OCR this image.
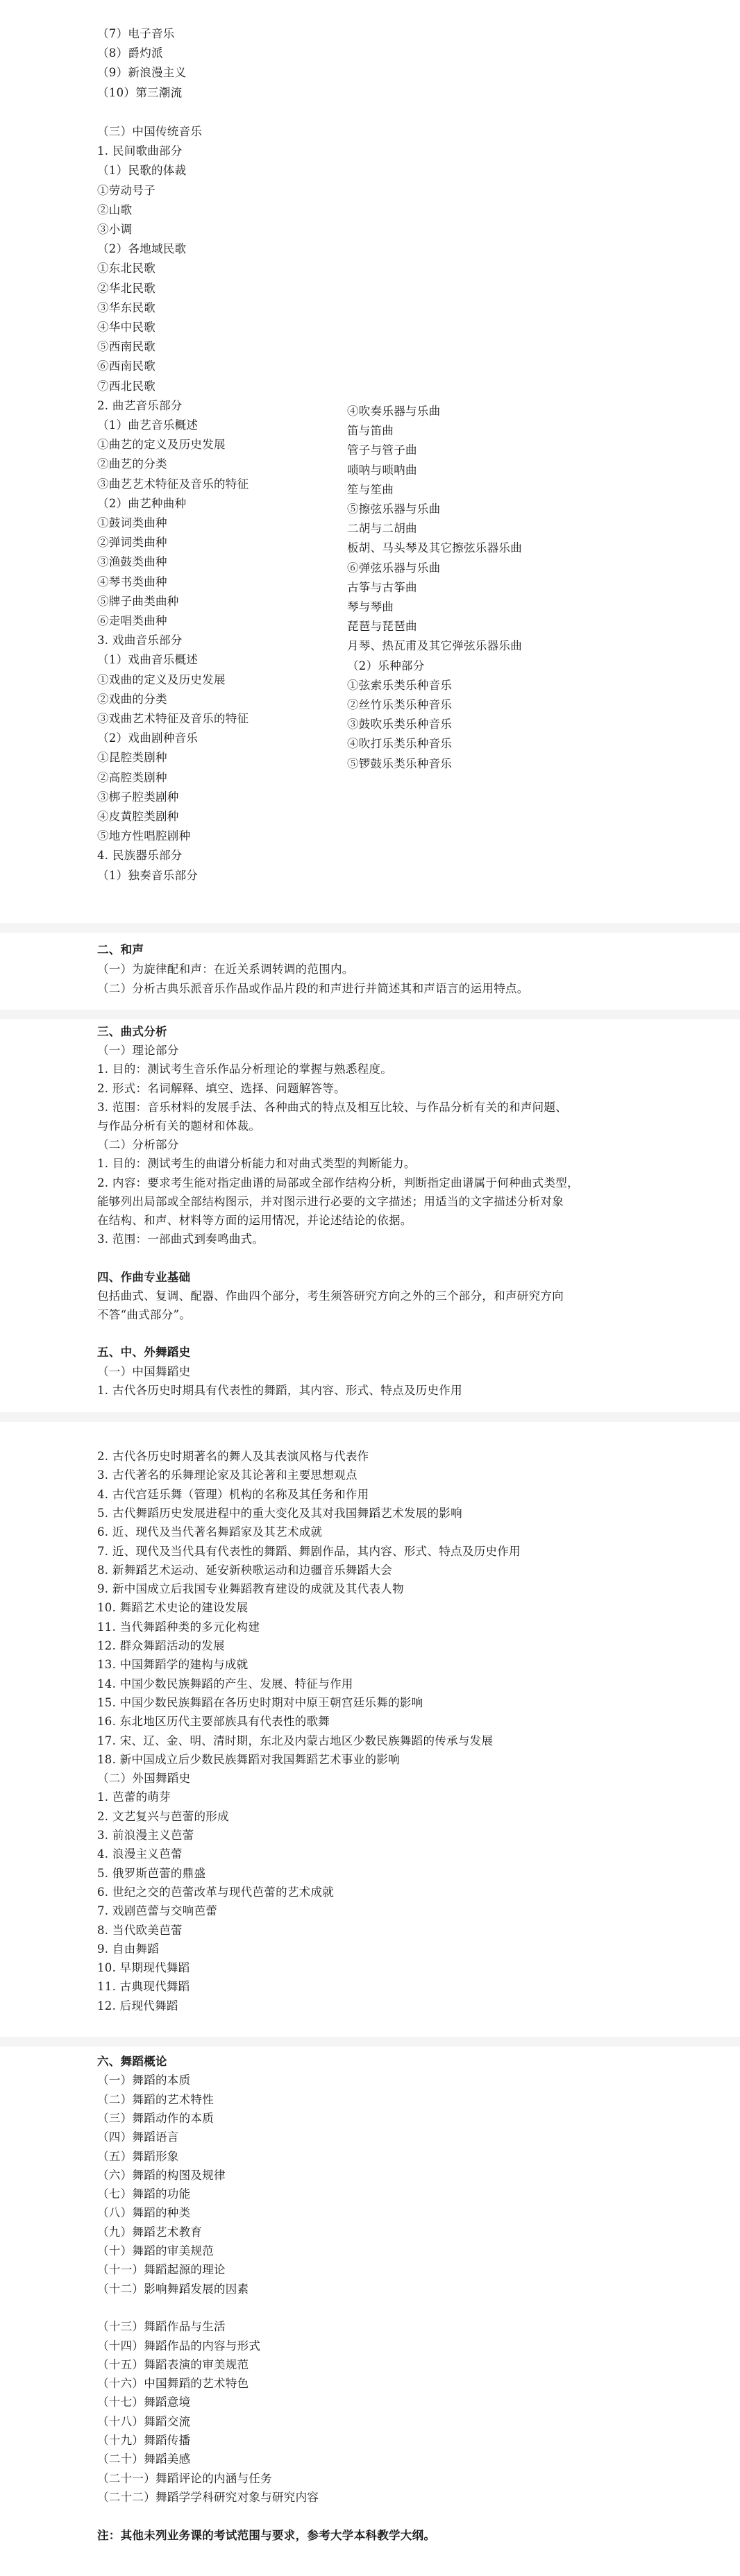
（7）电子音乐
（8）爵灼派
（9）新浪漫主义
（10）第三潮流
（三）中国传统音乐
1. 民间歌曲部分
（1）民歌的体裁
①劳动号子
②山歌
③小调
（2）各地域民歌
①东北民歌
②华北民歌
③华东民歌
④华中民歌
⑤西南民歌
⑥西南民歌
⑦西北民歌
2. 曲艺音乐部分
（1）曲艺音乐概述
①曲艺的定义及历史发展
②曲艺的分类
③曲艺艺术特征及音乐的特征
（2）曲艺种曲种
①鼓词类曲种
②弹词类曲种
③渔鼓类曲种
④琴书类曲种
⑤牌子曲类曲种
⑥走唱类曲种
3. 戏曲音乐部分
（1）戏曲音乐概述
①戏曲的定义及历史发展
②戏曲的分类
③戏曲艺术特征及音乐的特征
（2）戏曲剧种音乐
①昆腔类剧种
②高腔类剧种
③梆子腔类剧种
④皮黄腔类剧种
⑤地方性唱腔剧种
4. 民族器乐部分
（1）独奏音乐部分
④吹奏乐器与乐曲
笛与笛曲
管子与管子曲
唢呐与唢呐曲
笙与笙曲
⑤擦弦乐器与乐曲
二胡与二胡曲
板胡、马头琴及其它擦弦乐器乐曲
⑥弹弦乐器与乐曲
古筝与古筝曲
琴与琴曲
琵琶与琵琶曲
月琴、热瓦甫及其它弹弦乐器乐曲
（2）乐种部分
①弦索乐类乐种音乐
②丝竹乐类乐种音乐
③鼓吹乐类乐种音乐
④吹打乐类乐种音乐
⑤锣鼓乐类乐种音乐
二、和声
（一）为旋律配和声：在近关系调转调的范围内。
（二）分析古典乐派音乐作品或作品片段的和声进行并简述其和声语言的运用特点。
三、曲式分析
（一）理论部分
1. 目的：测试考生音乐作品分析理论的掌握与熟悉程度。
2. 形式：名词解释、填空、选择、问题解答等。
3. 范围：音乐材料的发展手法、各种曲式的特点及相互比较、与作品分析有关的和声问题、
与作品分析有关的题材和体裁。
（二）分析部分
1. 目的：测试考生的曲谱分析能力和对曲式类型的判断能力。
2. 内容：要求考生能对指定曲谱的局部或全部作结构分析，判断指定曲谱属于何种曲式类型，
能够列出局部或全部结构图示，并对图示进行必要的文字描述；用适当的文字描述分析对象
在结构、和声、材料等方面的运用情况，并论述结论的依据。
3. 范围：一部曲式到奏鸣曲式。
四、作曲专业基础
包括曲式、复调、配器、作曲四个部分，考生须答研究方向之外的三个部分，和声研究方向
不答“曲式部分”。
五、中、外舞蹈史
（一）中国舞蹈史
1. 古代各历史时期具有代表性的舞蹈，其内容、形式、特点及历史作用
2. 古代各历史时期著名的舞人及其表演风格与代表作
3. 古代著名的乐舞理论家及其论著和主要思想观点
4. 古代宫廷乐舞（管理）机构的名称及其任务和作用
5. 古代舞蹈历史发展进程中的重大变化及其对我国舞蹈艺术发展的影响
6. 近、现代及当代著名舞蹈家及其艺术成就
7. 近、现代及当代具有代表性的舞蹈、舞剧作品，其内容、形式、特点及历史作用
8. 新舞蹈艺术运动、延安新秧歌运动和边疆音乐舞蹈大会
9. 新中国成立后我国专业舞蹈教育建设的成就及其代表人物
10. 舞蹈艺术史论的建设发展
11. 当代舞蹈种类的多元化构建
12. 群众舞蹈活动的发展
13. 中国舞蹈学的建构与成就
14. 中国少数民族舞蹈的产生、发展、特征与作用
15. 中国少数民族舞蹈在各历史时期对中原王朝宫廷乐舞的影响
16. 东北地区历代主要部族具有代表性的歌舞
17. 宋、辽、金、明、清时期，东北及内蒙古地区少数民族舞蹈的传承与发展
18. 新中国成立后少数民族舞蹈对我国舞蹈艺术事业的影响
（二）外国舞蹈史
1. 芭蕾的萌芽
2. 文艺复兴与芭蕾的形成
3. 前浪漫主义芭蕾
4. 浪漫主义芭蕾
5. 俄罗斯芭蕾的鼎盛
6. 世纪之交的芭蕾改革与现代芭蕾的艺术成就
7. 戏剧芭蕾与交响芭蕾
8. 当代欧美芭蕾
9. 自由舞蹈
10. 早期现代舞蹈
11. 古典现代舞蹈
12. 后现代舞蹈
六、舞蹈概论
（一）舞蹈的本质
（二）舞蹈的艺术特性
（三）舞蹈动作的本质
（四）舞蹈语言
（五）舞蹈形象
（六）舞蹈的构图及规律
（七）舞蹈的功能
（八）舞蹈的种类
（九）舞蹈艺术教育
（十）舞蹈的审美规范
（十一）舞蹈起源的理论
（十二）影响舞蹈发展的因素
（十三）舞蹈作品与生活
（十四）舞蹈作品的内容与形式
（十五）舞蹈表演的审美规范
（十六）中国舞蹈的艺术特色
（十七）舞蹈意境
（十八）舞蹈交流
（十九）舞蹈传播
（二十）舞蹈美感
（二十一）舞蹈评论的内涵与任务
（二十二）舞蹈学学科研究对象与研究内容
注：其他未列业务课的考试范围与要求，参考大学本科教学大纲。
